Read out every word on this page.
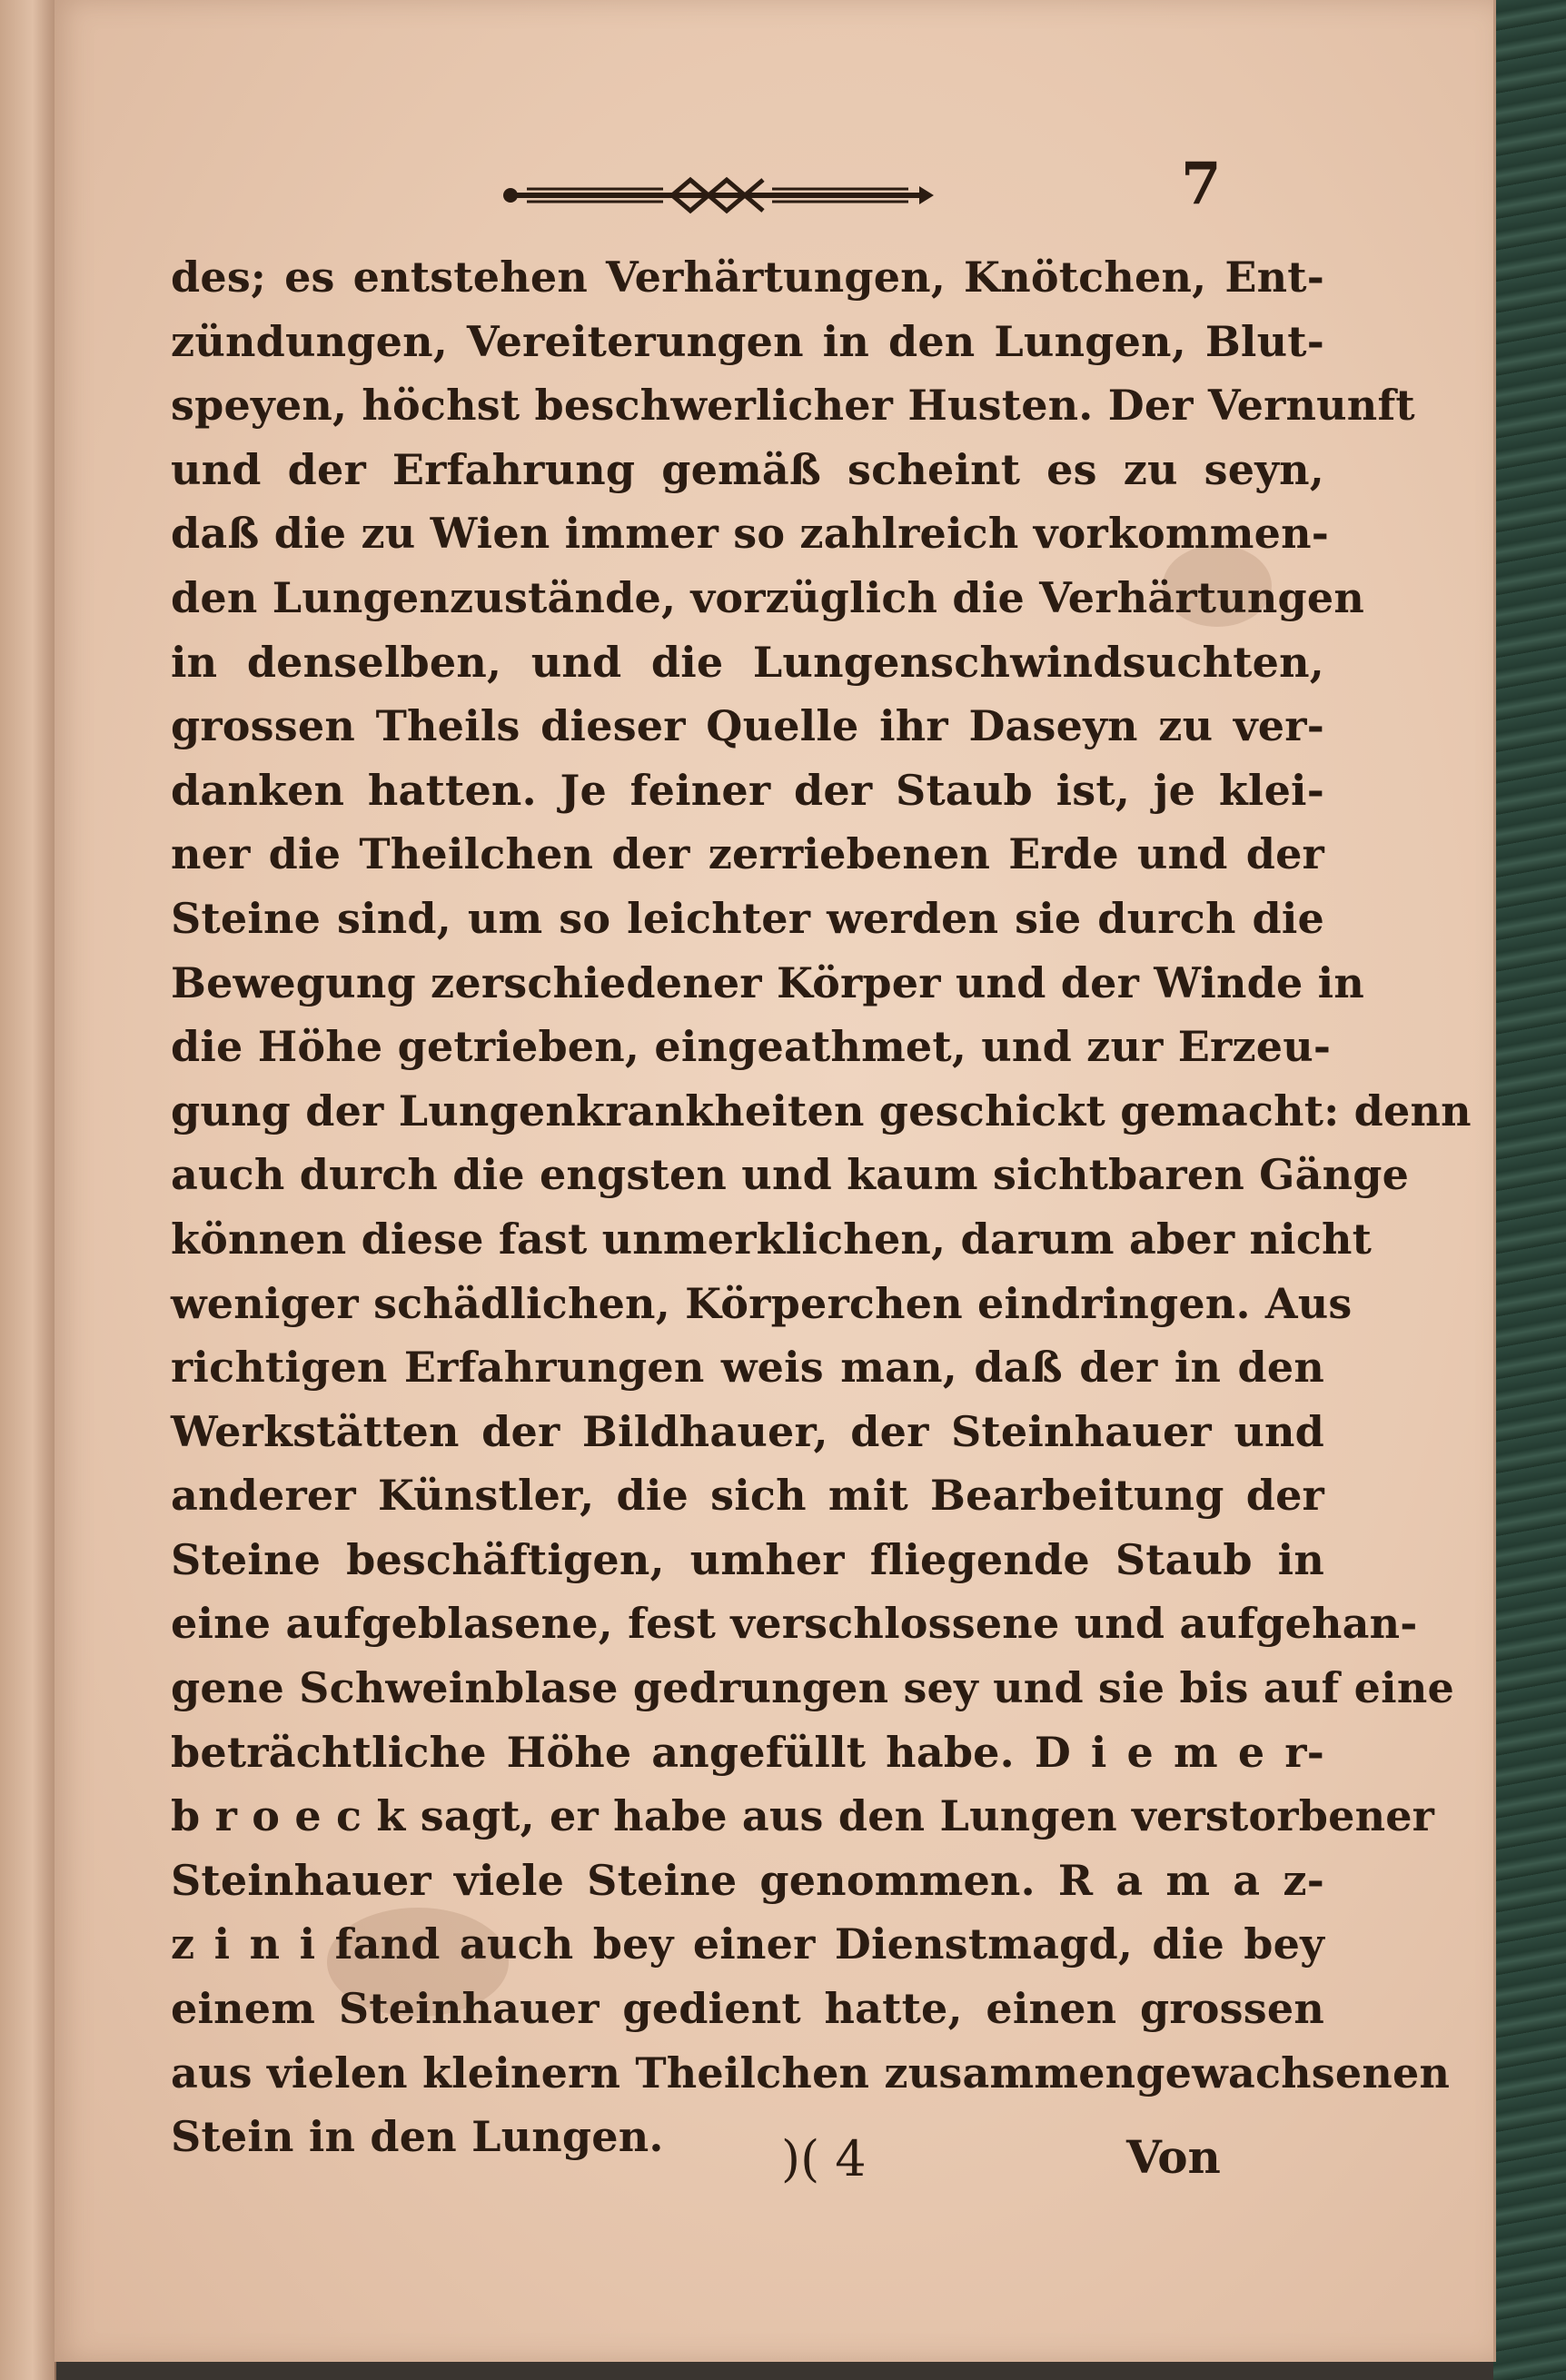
7
des; es entstehen Verhärtungen, Knötchen, Ent-
zündungen, Vereiterungen in den Lungen, Blut-
speyen, höchst beschwerlicher Husten. Der Vernunft
und der Erfahrung gemäß scheint es zu seyn,
daß die zu Wien immer so zahlreich vorkommen-
den Lungenzustände, vorzüglich die Verhärtungen
in denselben, und die Lungenschwindsuchten,
grossen Theils dieser Quelle ihr Daseyn zu ver-
danken hatten. Je feiner der Staub ist, je klei-
ner die Theilchen der zerriebenen Erde und der
Steine sind, um so leichter werden sie durch die
Bewegung zerschiedener Körper und der Winde in
die Höhe getrieben, eingeathmet, und zur Erzeu-
gung der Lungenkrankheiten geschickt gemacht: denn
auch durch die engsten und kaum sichtbaren Gänge
können diese fast unmerklichen, darum aber nicht
weniger schädlichen, Körperchen eindringen. Aus
richtigen Erfahrungen weis man, daß der in den
Werkstätten der Bildhauer, der Steinhauer und
anderer Künstler, die sich mit Bearbeitung der
Steine beschäftigen, umher fliegende Staub in
eine aufgeblasene, fest verschlossene und aufgehan-
gene Schweinblase gedrungen sey und sie bis auf eine
beträchtliche Höhe angefüllt habe. D i e m e r-
b r o e c k sagt, er habe aus den Lungen verstorbener
Steinhauer viele Steine genommen. R a m a z-
z i n i fand auch bey einer Dienstmagd, die bey
einem Steinhauer gedient hatte, einen grossen
aus vielen kleinern Theilchen zusammengewachsenen
Stein in den Lungen.	)( 4	Von
